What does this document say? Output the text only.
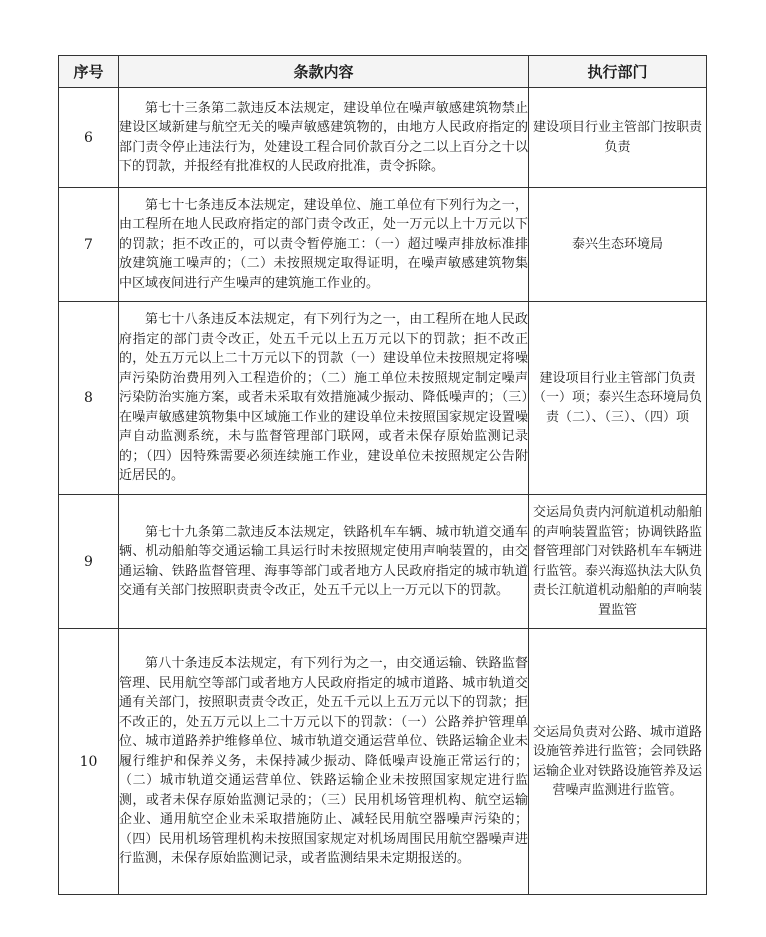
序号	条款内容	执行部门
6	第七十三条第二款违反本法规定，建设单位在噪声敏感建筑物禁止建设区域新建与航空无关的噪声敏感建筑物的，由地方人民政府指定的部门责令停止违法行为，处建设工程合同价款百分之二以上百分之十以下的罚款，并报经有批准权的人民政府批准，责令拆除。	建设项目行业主管部门按职责负责
7	第七十七条违反本法规定，建设单位、施工单位有下列行为之一，由工程所在地人民政府指定的部门责令改正，处一万元以上十万元以下的罚款；拒不改正的，可以责令暂停施工：（一）超过噪声排放标准排放建筑施工噪声的；（二）未按照规定取得证明，在噪声敏感建筑物集中区域夜间进行产生噪声的建筑施工作业的。	泰兴生态环境局
8	第七十八条违反本法规定，有下列行为之一，由工程所在地人民政府指定的部门责令改正，处五千元以上五万元以下的罚款；拒不改正的，处五万元以上二十万元以下的罚款（一）建设单位未按照规定将噪声污染防治费用列入工程造价的；（二）施工单位未按照规定制定噪声污染防治实施方案，或者未采取有效措施减少振动、降低噪声的；（三）在噪声敏感建筑物集中区域施工作业的建设单位未按照国家规定设置噪声自动监测系统，未与监督管理部门联网，或者未保存原始监测记录的；（四）因特殊需要必须连续施工作业，建设单位未按照规定公告附近居民的。	建设项目行业主管部门负责（一）项；泰兴生态环境局负责（二）、（三）、（四）项
9	第七十九条第二款违反本法规定，铁路机车车辆、城市轨道交通车辆、机动船舶等交通运输工具运行时未按照规定使用声响装置的，由交通运输、铁路监督管理、海事等部门或者地方人民政府指定的城市轨道交通有关部门按照职责责令改正，处五千元以上一万元以下的罚款。	交运局负责内河航道机动船舶的声响装置监管；协调铁路监督管理部门对铁路机车车辆进行监管。泰兴海巡执法大队负责长江航道机动船舶的声响装置监管
10	第八十条违反本法规定，有下列行为之一，由交通运输、铁路监督管理、民用航空等部门或者地方人民政府指定的城市道路、城市轨道交通有关部门，按照职责责令改正，处五千元以上五万元以下的罚款；拒不改正的，处五万元以上二十万元以下的罚款：（一）公路养护管理单位、城市道路养护维修单位、城市轨道交通运营单位、铁路运输企业未履行维护和保养义务，未保持减少振动、降低噪声设施正常运行的；（二）城市轨道交通运营单位、铁路运输企业未按照国家规定进行监测，或者未保存原始监测记录的；（三）民用机场管理机构、航空运输企业、通用航空企业未采取措施防止、减轻民用航空器噪声污染的；（四）民用机场管理机构未按照国家规定对机场周围民用航空器噪声进行监测，未保存原始监测记录，或者监测结果未定期报送的。	交运局负责对公路、城市道路设施管养进行监管；会同铁路运输企业对铁路设施管养及运营噪声监测进行监管。
